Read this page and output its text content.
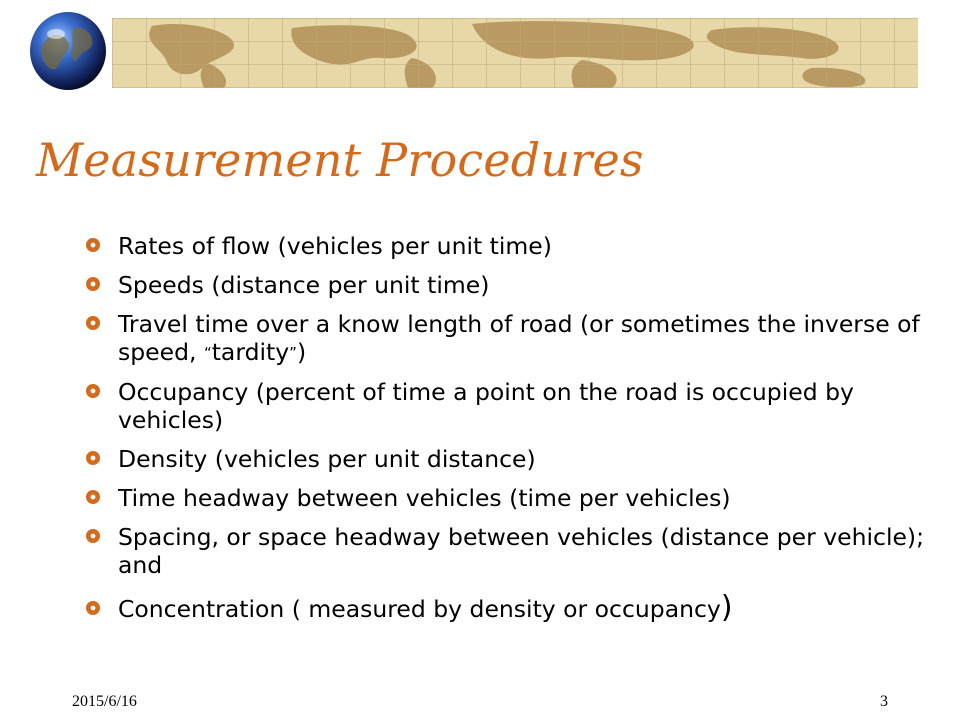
Measurement Procedures
Rates of flow (vehicles per unit time)
Speeds (distance per unit time)
Travel time over a know length of road (or sometimes the inverse of speed, “tardity”)
Occupancy (percent of time a point on the road is occupied by vehicles)
Density (vehicles per unit distance)
Time headway between vehicles (time per vehicles)
Spacing, or space headway between vehicles (distance per vehicle); and
Concentration ( measured by density or occupancy)
2015/6/16	3
